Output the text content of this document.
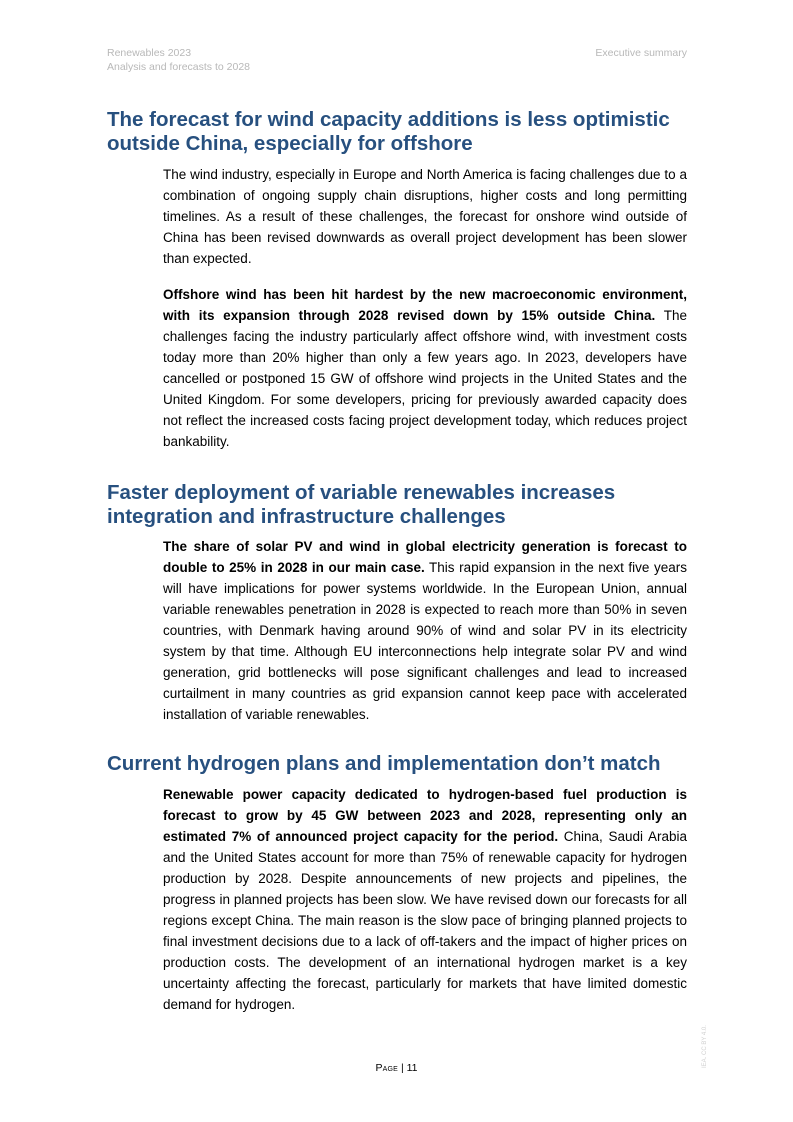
Renewables 2023
Analysis and forecasts to 2028
Executive summary
The forecast for wind capacity additions is less optimistic outside China, especially for offshore

The wind industry, especially in Europe and North America is facing challenges due to a combination of ongoing supply chain disruptions, higher costs and long permitting timelines. As a result of these challenges, the forecast for onshore wind outside of China has been revised downwards as overall project development has been slower than expected.

Offshore wind has been hit hardest by the new macroeconomic environment, with its expansion through 2028 revised down by 15% outside China. The challenges facing the industry particularly affect offshore wind, with investment costs today more than 20% higher than only a few years ago. In 2023, developers have cancelled or postponed 15 GW of offshore wind projects in the United States and the United Kingdom. For some developers, pricing for previously awarded capacity does not reflect the increased costs facing project development today, which reduces project bankability.

Faster deployment of variable renewables increases integration and infrastructure challenges

The share of solar PV and wind in global electricity generation is forecast to double to 25% in 2028 in our main case. This rapid expansion in the next five years will have implications for power systems worldwide. In the European Union, annual variable renewables penetration in 2028 is expected to reach more than 50% in seven countries, with Denmark having around 90% of wind and solar PV in its electricity system by that time. Although EU interconnections help integrate solar PV and wind generation, grid bottlenecks will pose significant challenges and lead to increased curtailment in many countries as grid expansion cannot keep pace with accelerated installation of variable renewables.

Current hydrogen plans and implementation don’t match

Renewable power capacity dedicated to hydrogen-based fuel production is forecast to grow by 45 GW between 2023 and 2028, representing only an estimated 7% of announced project capacity for the period. China, Saudi Arabia and the United States account for more than 75% of renewable capacity for hydrogen production by 2028. Despite announcements of new projects and pipelines, the progress in planned projects has been slow. We have revised down our forecasts for all regions except China. The main reason is the slow pace of bringing planned projects to final investment decisions due to a lack of off-takers and the impact of higher prices on production costs. The development of an international hydrogen market is a key uncertainty affecting the forecast, particularly for markets that have limited domestic demand for hydrogen.

Page | 11	IEA. CC BY 4.0.
